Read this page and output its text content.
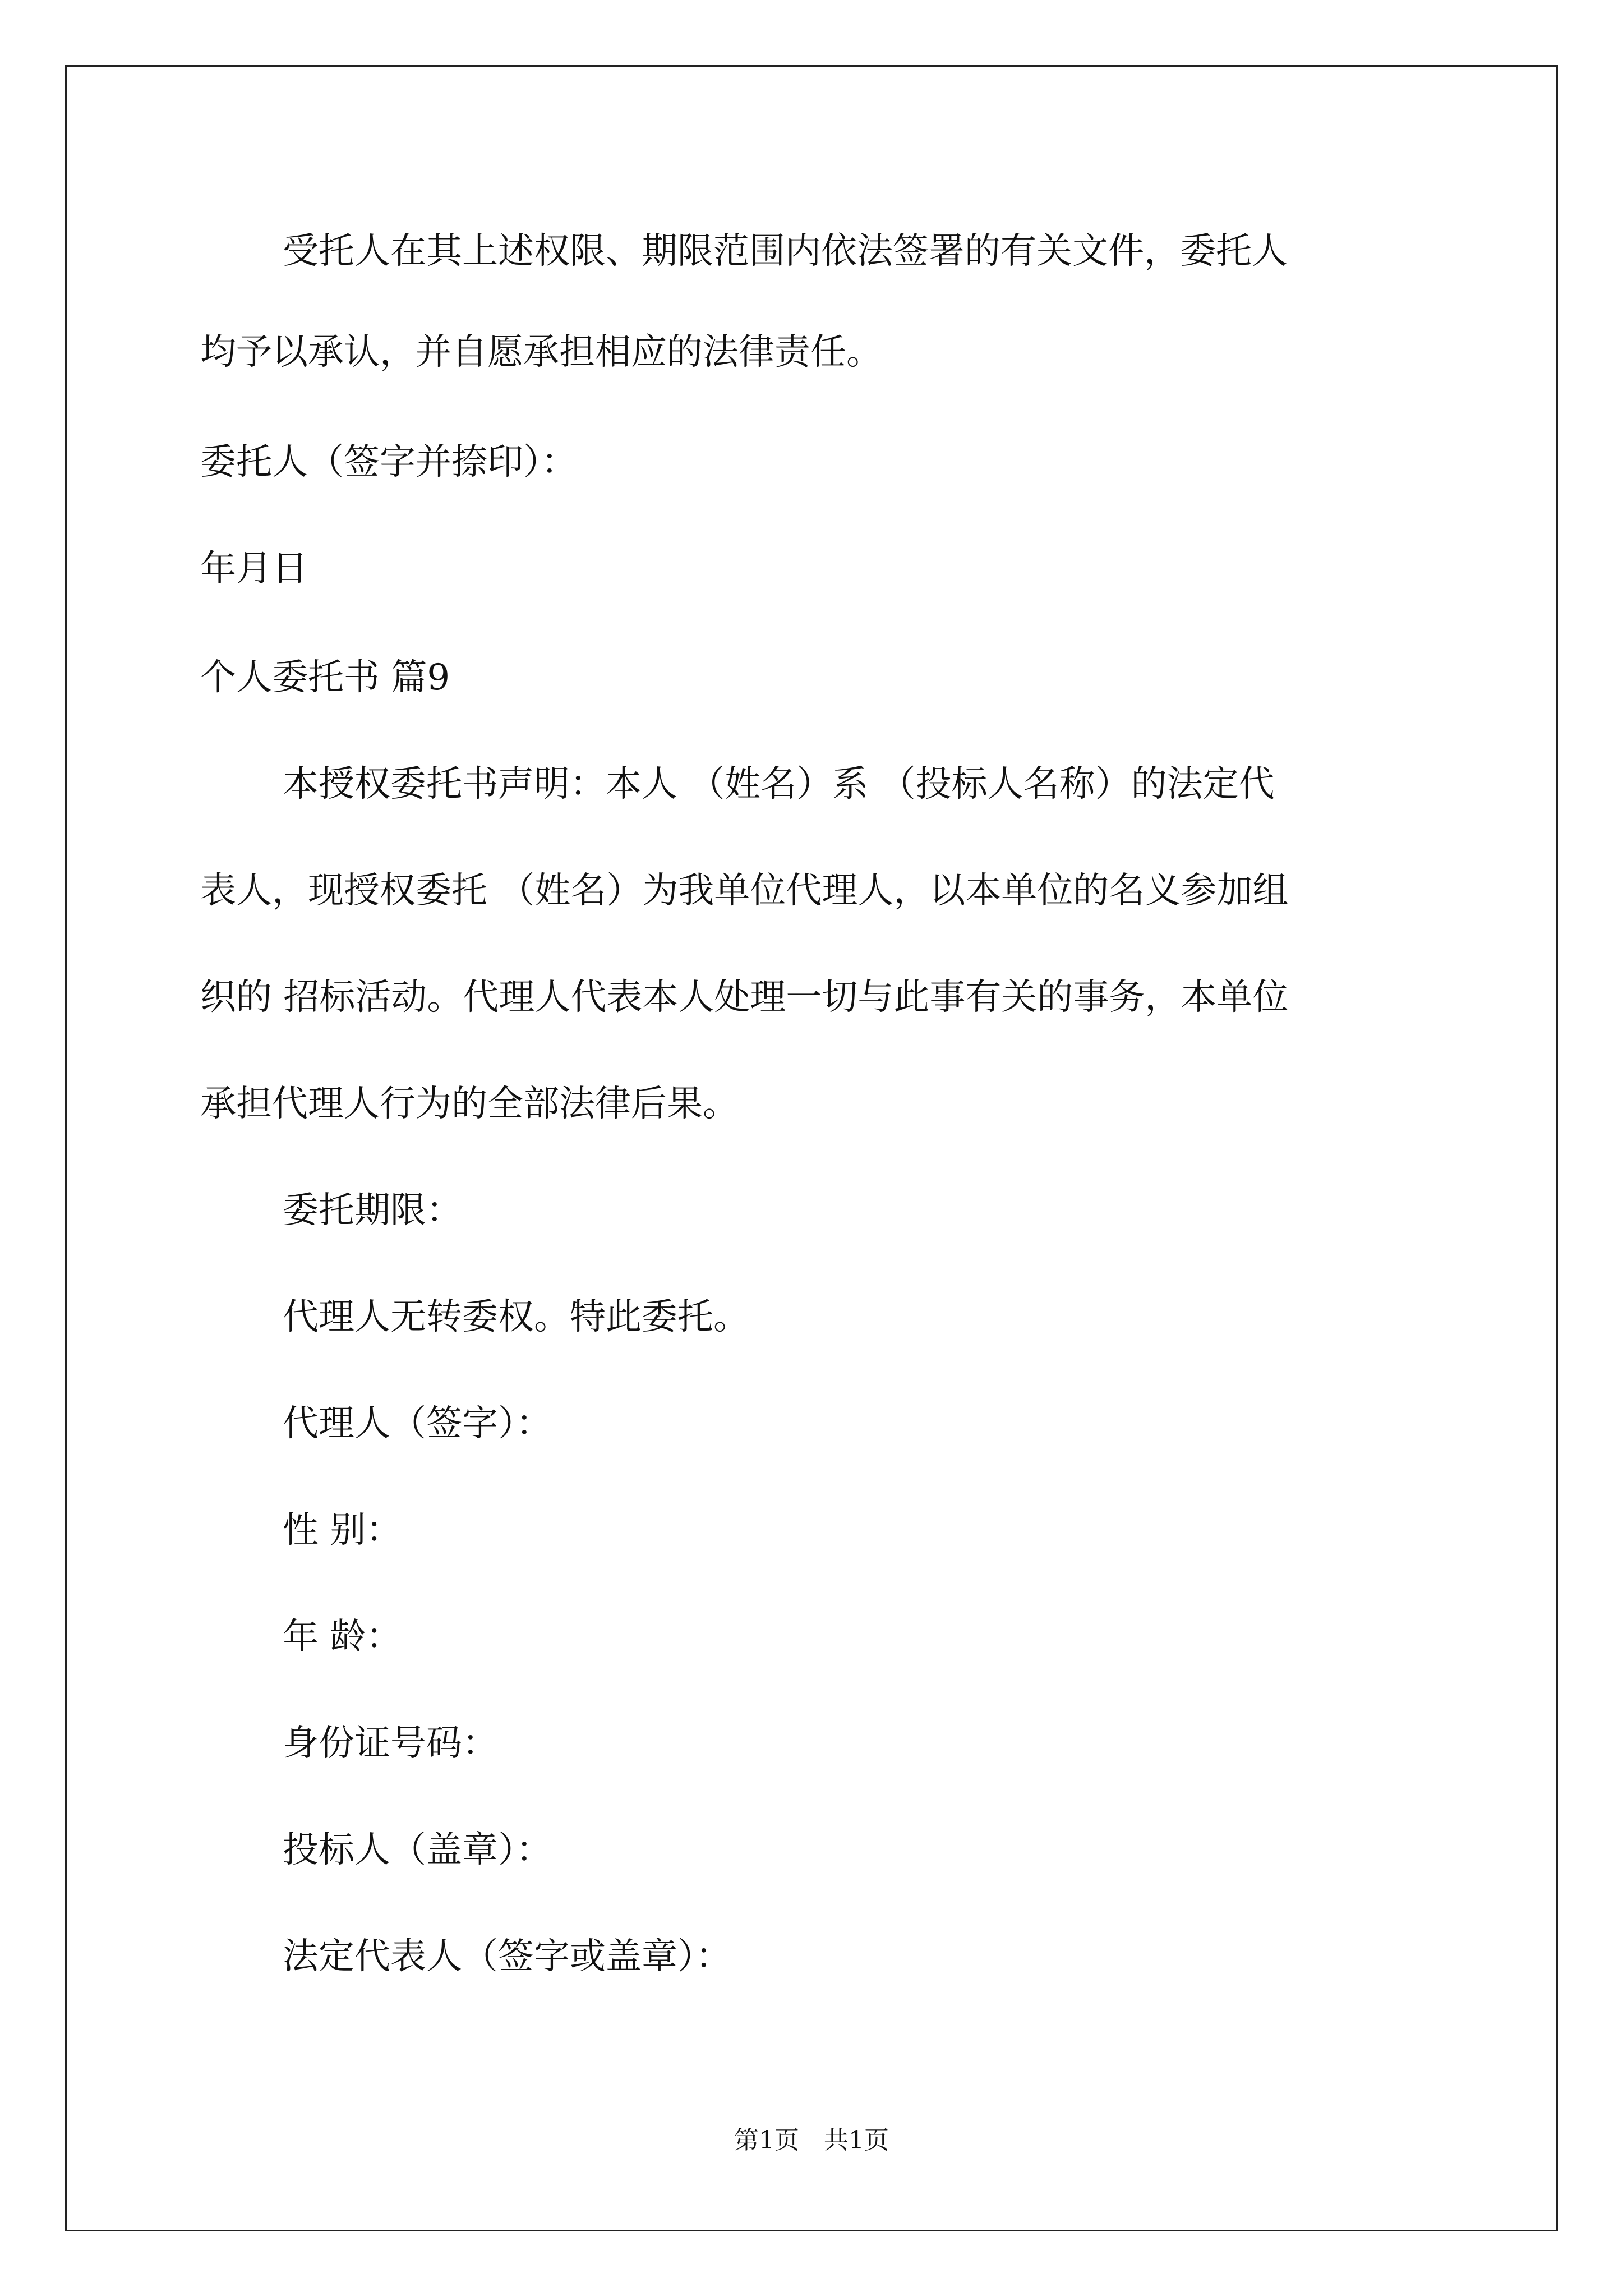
受托人在其上述权限、期限范围内依法签署的有关文件，委托人

均予以承认，并自愿承担相应的法律责任。

委托人（签字并捺印）：

年月日

个人委托书 篇9

本授权委托书声明：本人 （姓名）系 （投标人名称）的法定代

表人，现授权委托 （姓名）为我单位代理人，以本单位的名义参加组

织的 招标活动。代理人代表本人处理一切与此事有关的事务，本单位

承担代理人行为的全部法律后果。

委托期限：

代理人无转委权。特此委托。

代理人（签字）：

性 别：

年 龄：

身份证号码：

投标人（盖章）：

法定代表人（签字或盖章）：

第1页　共1页
